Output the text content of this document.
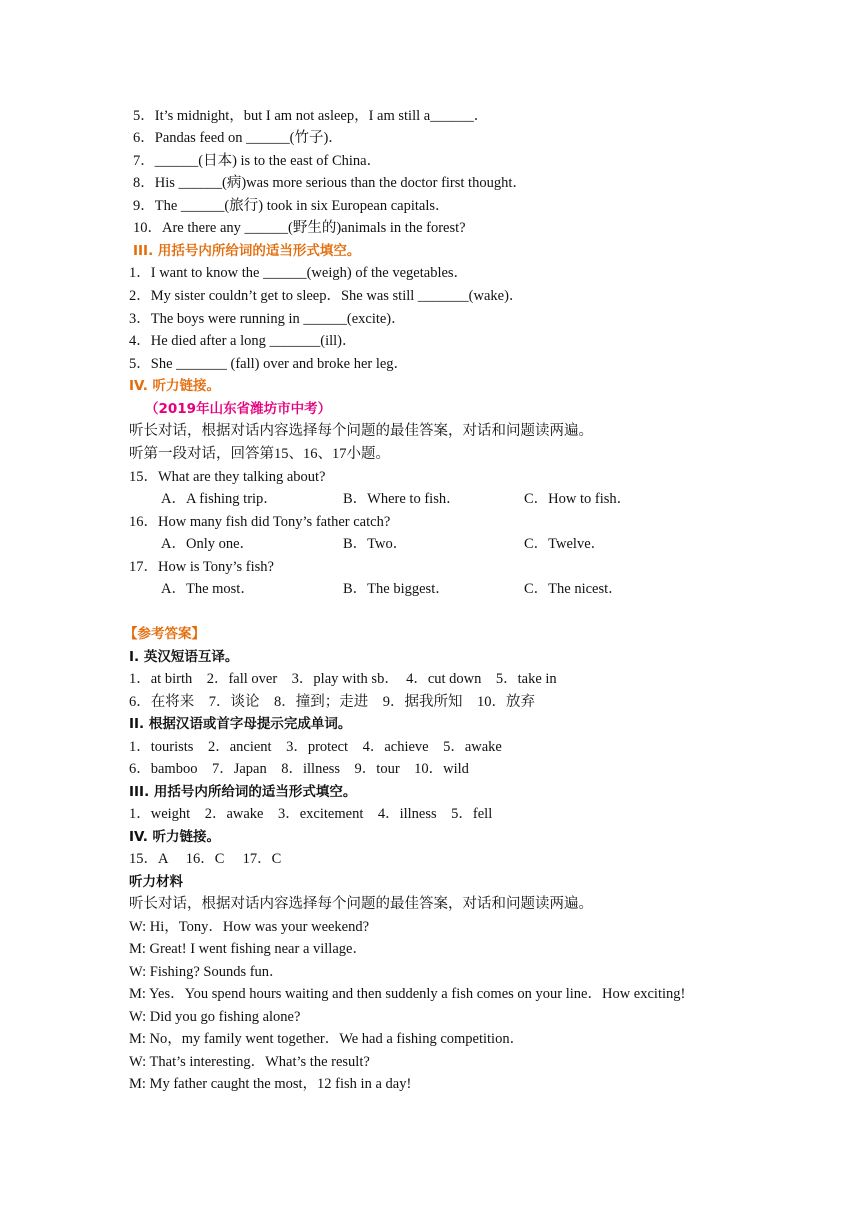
5．It’s midnight，but I am not asleep，I am still a______．
6．Pandas feed on ______(竹子)．
7．______(日本) is to the east of China．
8．His ______(病)was more serious than the doctor first thought．
9．The ______(旅行) took in six European capitals．
10．Are there any ______(野生的)animals in the forest?
III. 用括号内所给词的适当形式填空。
1．I want to know the ______(weigh) of the vegetables．
2．My sister couldn’t get to sleep．She was still _______(wake)．
3．The boys were running in ______(excite)．
4．He died after a long _______(ill)．
5．She _______ (fall) over and broke her leg．
IV. 听力链接。
（2019年山东省潍坊市中考）
听长对话，根据对话内容选择每个问题的最佳答案，对话和问题读两遍。
听第一段对话，回答第15、16、17小题。
15．What are they talking about?
A．A fishing trip．	B．Where to fish．	C．How to fish．
16．How many fish did Tony’s father catch?
A．Only one．	B．Two．	C．Twelve．
17．How is Tony’s fish?
A．The most．	B．The biggest．	C．The nicest．
【参考答案】
I. 英汉短语互译。
1．at birth　2．fall over　3．play with sb．　4．cut down　5．take in
6．在将来　7．谈论　8．撞到；走进　9．据我所知　10．放弃
II. 根据汉语或首字母提示完成单词。
1．tourists　2．ancient　3．protect　4．achieve　5．awake
6．bamboo　7．Japan　8．illness　9．tour　10．wild
III. 用括号内所给词的适当形式填空。
1．weight　2．awake　3．excitement　4．illness　5．fell
IV. 听力链接。
15．A　 16．C　 17．C
听力材料
听长对话，根据对话内容选择每个问题的最佳答案，对话和问题读两遍。
W: Hi，Tony．How was your weekend?
M: Great! I went fishing near a village．
W: Fishing? Sounds fun．
M: Yes．You spend hours waiting and then suddenly a fish comes on your line．How exciting!
W: Did you go fishing alone?
M: No，my family went together．We had a fishing competition．
W: That’s interesting．What’s the result?
M: My father caught the most，12 fish in a day!
